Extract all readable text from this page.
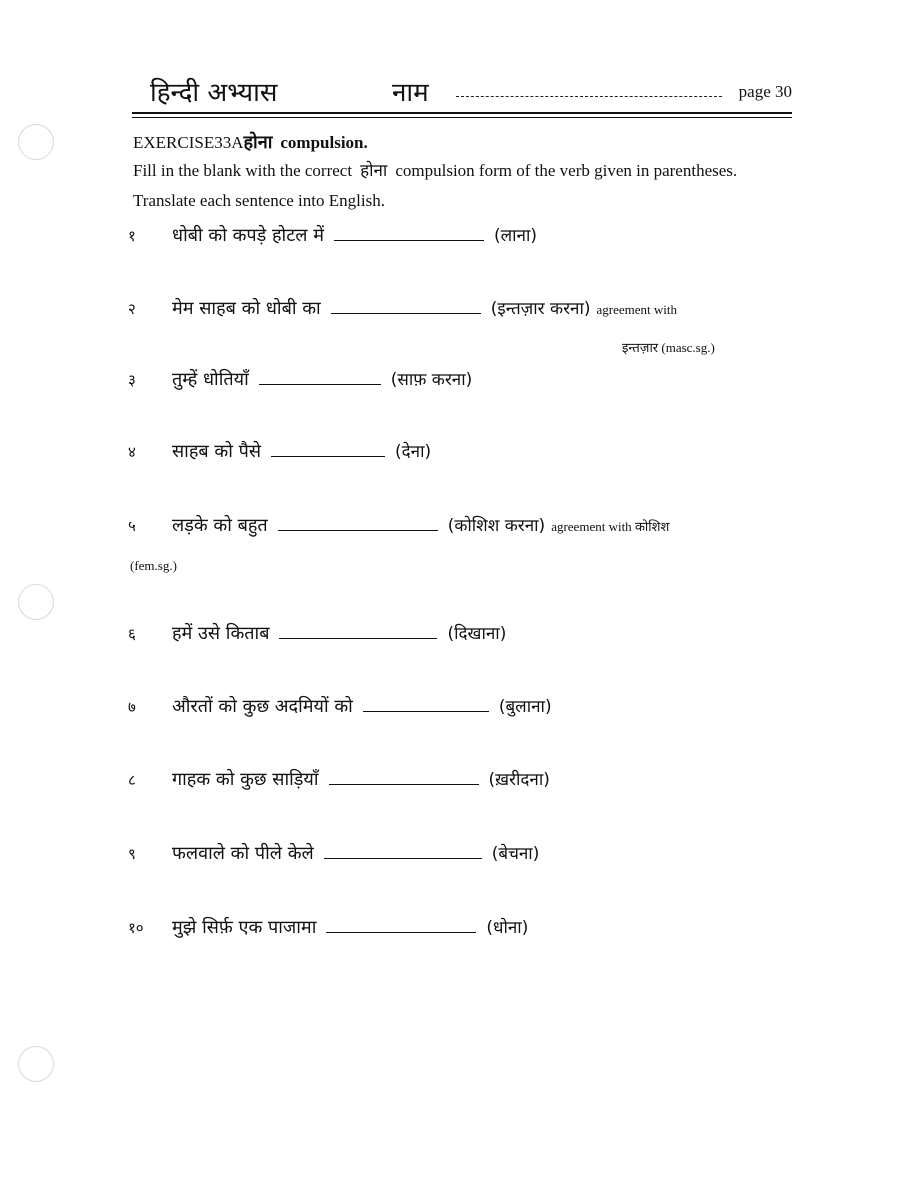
हिन्दी अभ्यास	नाम	page 30
EXERCISE33Aहोना compulsion.
Fill in the blank with the correct होना compulsion form of the verb given in parentheses. Translate each sentence into English.
१	धोबी को कपड़े होटल में	(लाना)
२	मेम साहब को धोबी का	(इन्तज़ार करना) agreement with
इन्तज़ार (masc.sg.)
३	तुम्हें धोतियाँ	(साफ़ करना)
४	साहब को पैसे	(देना)
५	लड़के को बहुत	(कोशिश करना) agreement with कोशिश
(fem.sg.)
६	हमें उसे किताब	(दिखाना)
७	औरतों को कुछ अदमियों को	(बुलाना)
८	गाहक को कुछ साड़ियाँ	(ख़रीदना)
९	फलवाले को पीले केले	(बेचना)
१० मुझे सिर्फ़ एक पाजामा	(धोना)
